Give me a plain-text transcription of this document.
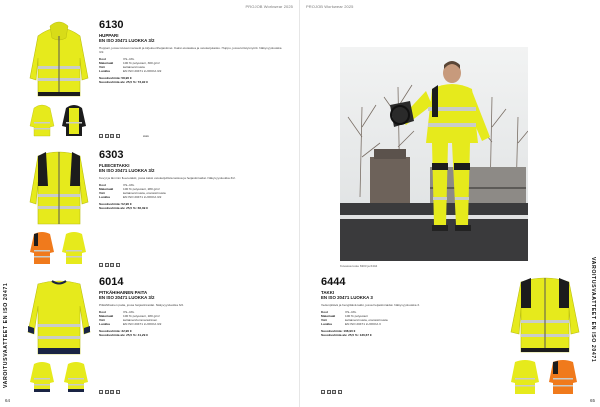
PROJOB Workwear 2025
VAROITUSVAATTEET EN ISO 20471
64
6130
HUPPARI
EN ISO 20471 LUOKKA 3/2
Huppari, jossa istuvat mansetit ja kirjekuoriheijastimet. Kaksi etutaskua ja vetoketjutasku. Huppu, jossa kiristysnyörit. Näkyvyysluokka 3/2.
Koot	XS–4XL
Materiaali	100 % polyesteri, 300 g/m²
Väri	keltainen/musta
Luokka	EN ISO 20471 LUOKKA 3/2
Suositushinta: 58,90 €
Suositushinta alv. 25,5 %: 73,92 €
~	△	□	•	▭▭
6303
FLEECETAKKI
EN ISO 20471 LUOKKA 3/2
Kevyt ja lämmin fleecetakki, jossa kaksi vetoketjullista taskua ja heijastinraidat. Näkyvyysluokka 3/2.
Koot	XS–4XL
Materiaali	100 % polyesteri, 280 g/m²
Väri	keltainen/musta, oranssi/musta
Luokka	EN ISO 20471 LUOKKA 3/2
Suositushinta: 52,90 €
Suositushinta alv. 25,5 %: 66,39 €
~	△	□	•
6014
PITKÄHIHAINEN PAITA
EN ISO 20471 LUOKKA 3/2
Pitkähihainen paita, jossa heijastinraidat. Näkyvyysluokka 3/2.
Koot	XS–4XL
Materiaali	100 % polyesteri, 180 g/m²
Väri	keltainen/tummansininen
Luokka	EN ISO 20471 LUOKKA 3/2
Suositushinta: 32,90 €
Suositushinta alv. 25,5 %: 41,29 €
~	△	□	•
PROJOB Workwear 2025
65
VAROITUSVAATTEET EN ISO 20471
Kuvassa tuote 6303 ja 6444
6444
TAKKI
EN ISO 20471 LUOKKA 3
Vedenpitävä ja hengittävä takki, jossa heijastinraidat. Näkyvyysluokka 3.
Koot	XS–4XL
Materiaali	100 % polyesteri
Väri	keltainen/musta, oranssi/musta
Luokka	EN ISO 20471 LUOKKA 3
Suositushinta: 108,90 €
Suositushinta alv. 25,5 %: 136,67 €
~	△	□	•
